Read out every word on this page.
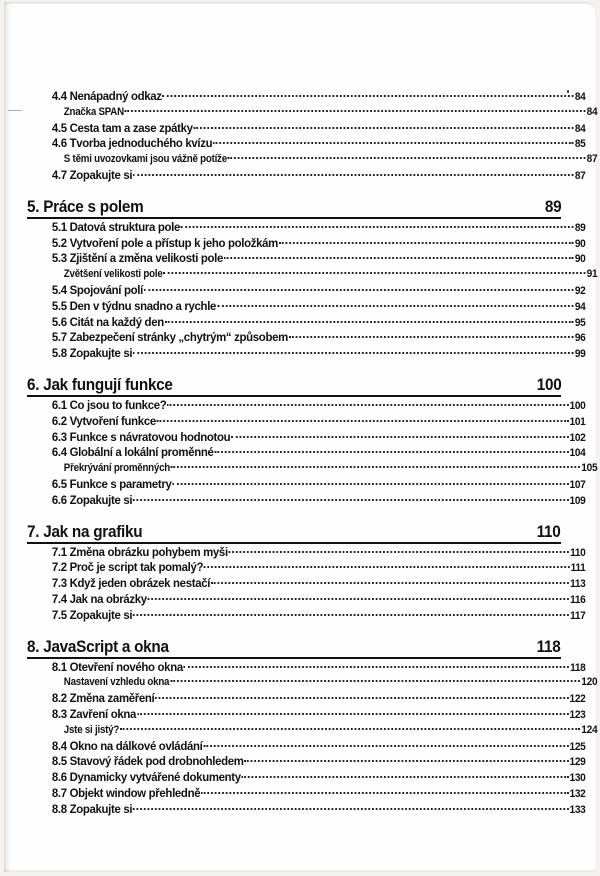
4.4 Nenápadný odkaz	84
Značka SPAN	84
4.5 Cesta tam a zase zpátky	84
4.6 Tvorba jednoduchého kvízu	85
S těmi uvozovkami jsou vážně potíže	87
4.7 Zopakujte si	87
5. Práce s polem	89
5.1 Datová struktura pole	89
5.2 Vytvoření pole a přístup k jeho položkám	90
5.3 Zjištění a změna velikosti pole	90
Zvětšení velikosti pole	91
5.4 Spojování polí	92
5.5 Den v týdnu snadno a rychle	94
5.6 Citát na každý den	95
5.7 Zabezpečení stránky „chytrým“ způsobem	96
5.8 Zopakujte si	99
6. Jak fungují funkce	100
6.1 Co jsou to funkce?	100
6.2 Vytvoření funkce	101
6.3 Funkce s návratovou hodnotou	102
6.4 Globální a lokální proměnné	104
Překrývání proměnných	105
6.5 Funkce s parametry	107
6.6 Zopakujte si	109
7. Jak na grafiku	110
7.1 Změna obrázku pohybem myši	110
7.2 Proč je script tak pomalý?	111
7.3 Když jeden obrázek nestačí	113
7.4 Jak na obrázky	116
7.5 Zopakujte si	117
8. JavaScript a okna	118
8.1 Otevření nového okna	118
Nastavení vzhledu okna	120
8.2 Změna zaměření	122
8.3 Zavření okna	123
Jste si jistý?	124
8.4 Okno na dálkové ovládání	125
8.5 Stavový řádek pod drobnohledem	129
8.6 Dynamicky vytvářené dokumenty	130
8.7 Objekt window přehledně	132
8.8 Zopakujte si	133
